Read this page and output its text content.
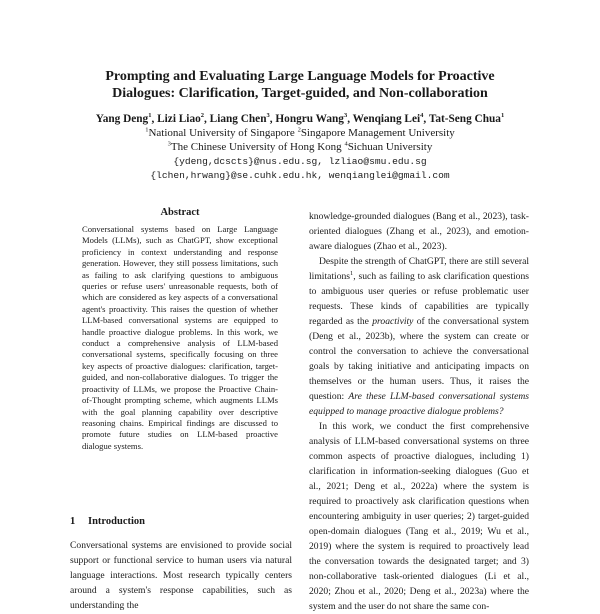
Prompting and Evaluating Large Language Models for Proactive
Dialogues: Clarification, Target-guided, and Non-collaboration
Yang Deng$^1$, Lizi Liao$^2$, Liang Chen$^3$, Hongru Wang$^3$, Wenqiang Lei$^4$, Tat-Seng Chua$^1$
$^1$National University of Singapore $^2$Singapore Management University
$^3$The Chinese University of Hong Kong $^4$Sichuan University
{ydeng,dcscts}@nus.edu.sg, lzliao@smu.edu.sg
{lchen,hrwang}@se.cuhk.edu.hk, wenqianglei@gmail.com
Abstract

Conversational systems based on Large Language Models (LLMs), such as ChatGPT, show exceptional proficiency in context understanding and response generation. However, they still possess limitations, such as failing to ask clarifying questions to ambiguous queries or refuse users' unreasonable requests, both of which are considered as key aspects of a conversational agent's proactivity. This raises the question of whether LLM-based conversational systems are equipped to handle proactive dialogue problems. In this work, we conduct a comprehensive analysis of LLM-based conversational systems, specifically focusing on three key aspects of proactive dialogues: clarification, target-guided, and non-collaborative dialogues. To trigger the proactivity of LLMs, we propose the Proactive Chain-of-Thought prompting scheme, which augments LLMs with the goal planning capability over descriptive reasoning chains. Empirical findings are discussed to promote future studies on LLM-based proactive dialogue systems.

1 Introduction

Conversational systems are envisioned to provide social support or functional service to human users via natural language interactions. Most research typically centers around a system's response capabilities, such as understanding the

knowledge-grounded dialogues (Bang et al., 2023), task-oriented dialogues (Zhang et al., 2023), and emotion-aware dialogues (Zhao et al., 2023).

Despite the strength of ChatGPT, there are still several limitations$^1$, such as failing to ask clarification questions to ambiguous user queries or refuse problematic user requests. These kinds of capabilities are typically regarded as the proactivity of the conversational system (Deng et al., 2023b), where the system can create or control the conversation to achieve the conversational goals by taking initiative and anticipating impacts on themselves or the human users. Thus, it raises the question: Are these LLM-based conversational systems equipped to manage proactive dialogue problems?

In this work, we conduct the first comprehensive analysis of LLM-based conversational systems on three common aspects of proactive dialogues, including 1) clarification in information-seeking dialogues (Guo et al., 2021; Deng et al., 2022a) where the system is required to proactively ask clarification questions when encountering ambiguity in user queries; 2) target-guided open-domain dialogues (Tang et al., 2019; Wu et al., 2019) where the system is required to proactively lead the conversation towards the designated target; and 3) non-collaborative task-oriented dialogues (Li et al., 2020; Zhou et al., 2020; Deng et al., 2023a) where the system and the user do not share the same con-
